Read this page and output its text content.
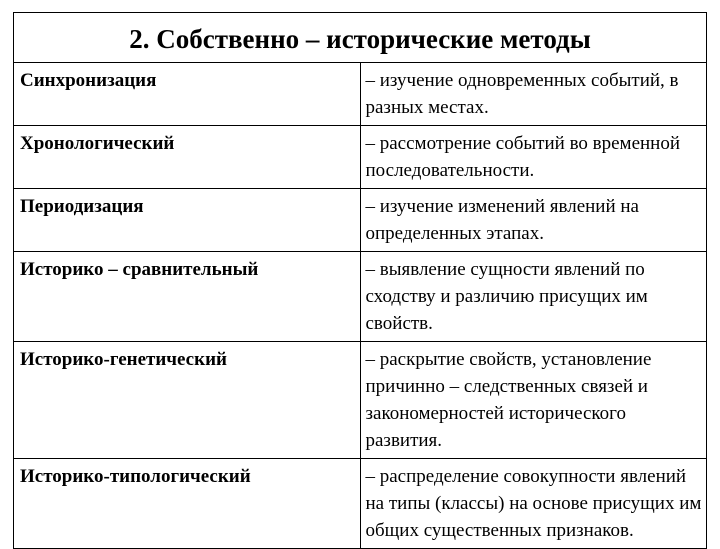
2. Собственно – исторические методы	
Синхронизация	– изучение одновременных событий, в разных местах.
Хронологический	– рассмотрение событий во временной последовательности.
Периодизация	– изучение изменений явлений на определенных этапах.
Историко – сравнительный	– выявление сущности явлений по сходству и различию присущих им свойств.
Историко-генетический	– раскрытие свойств, установление причинно – следственных связей и закономерностей исторического развития.
Историко-типологический	– распределение совокупности явлений на типы (классы) на основе присущих им общих существенных признаков.
